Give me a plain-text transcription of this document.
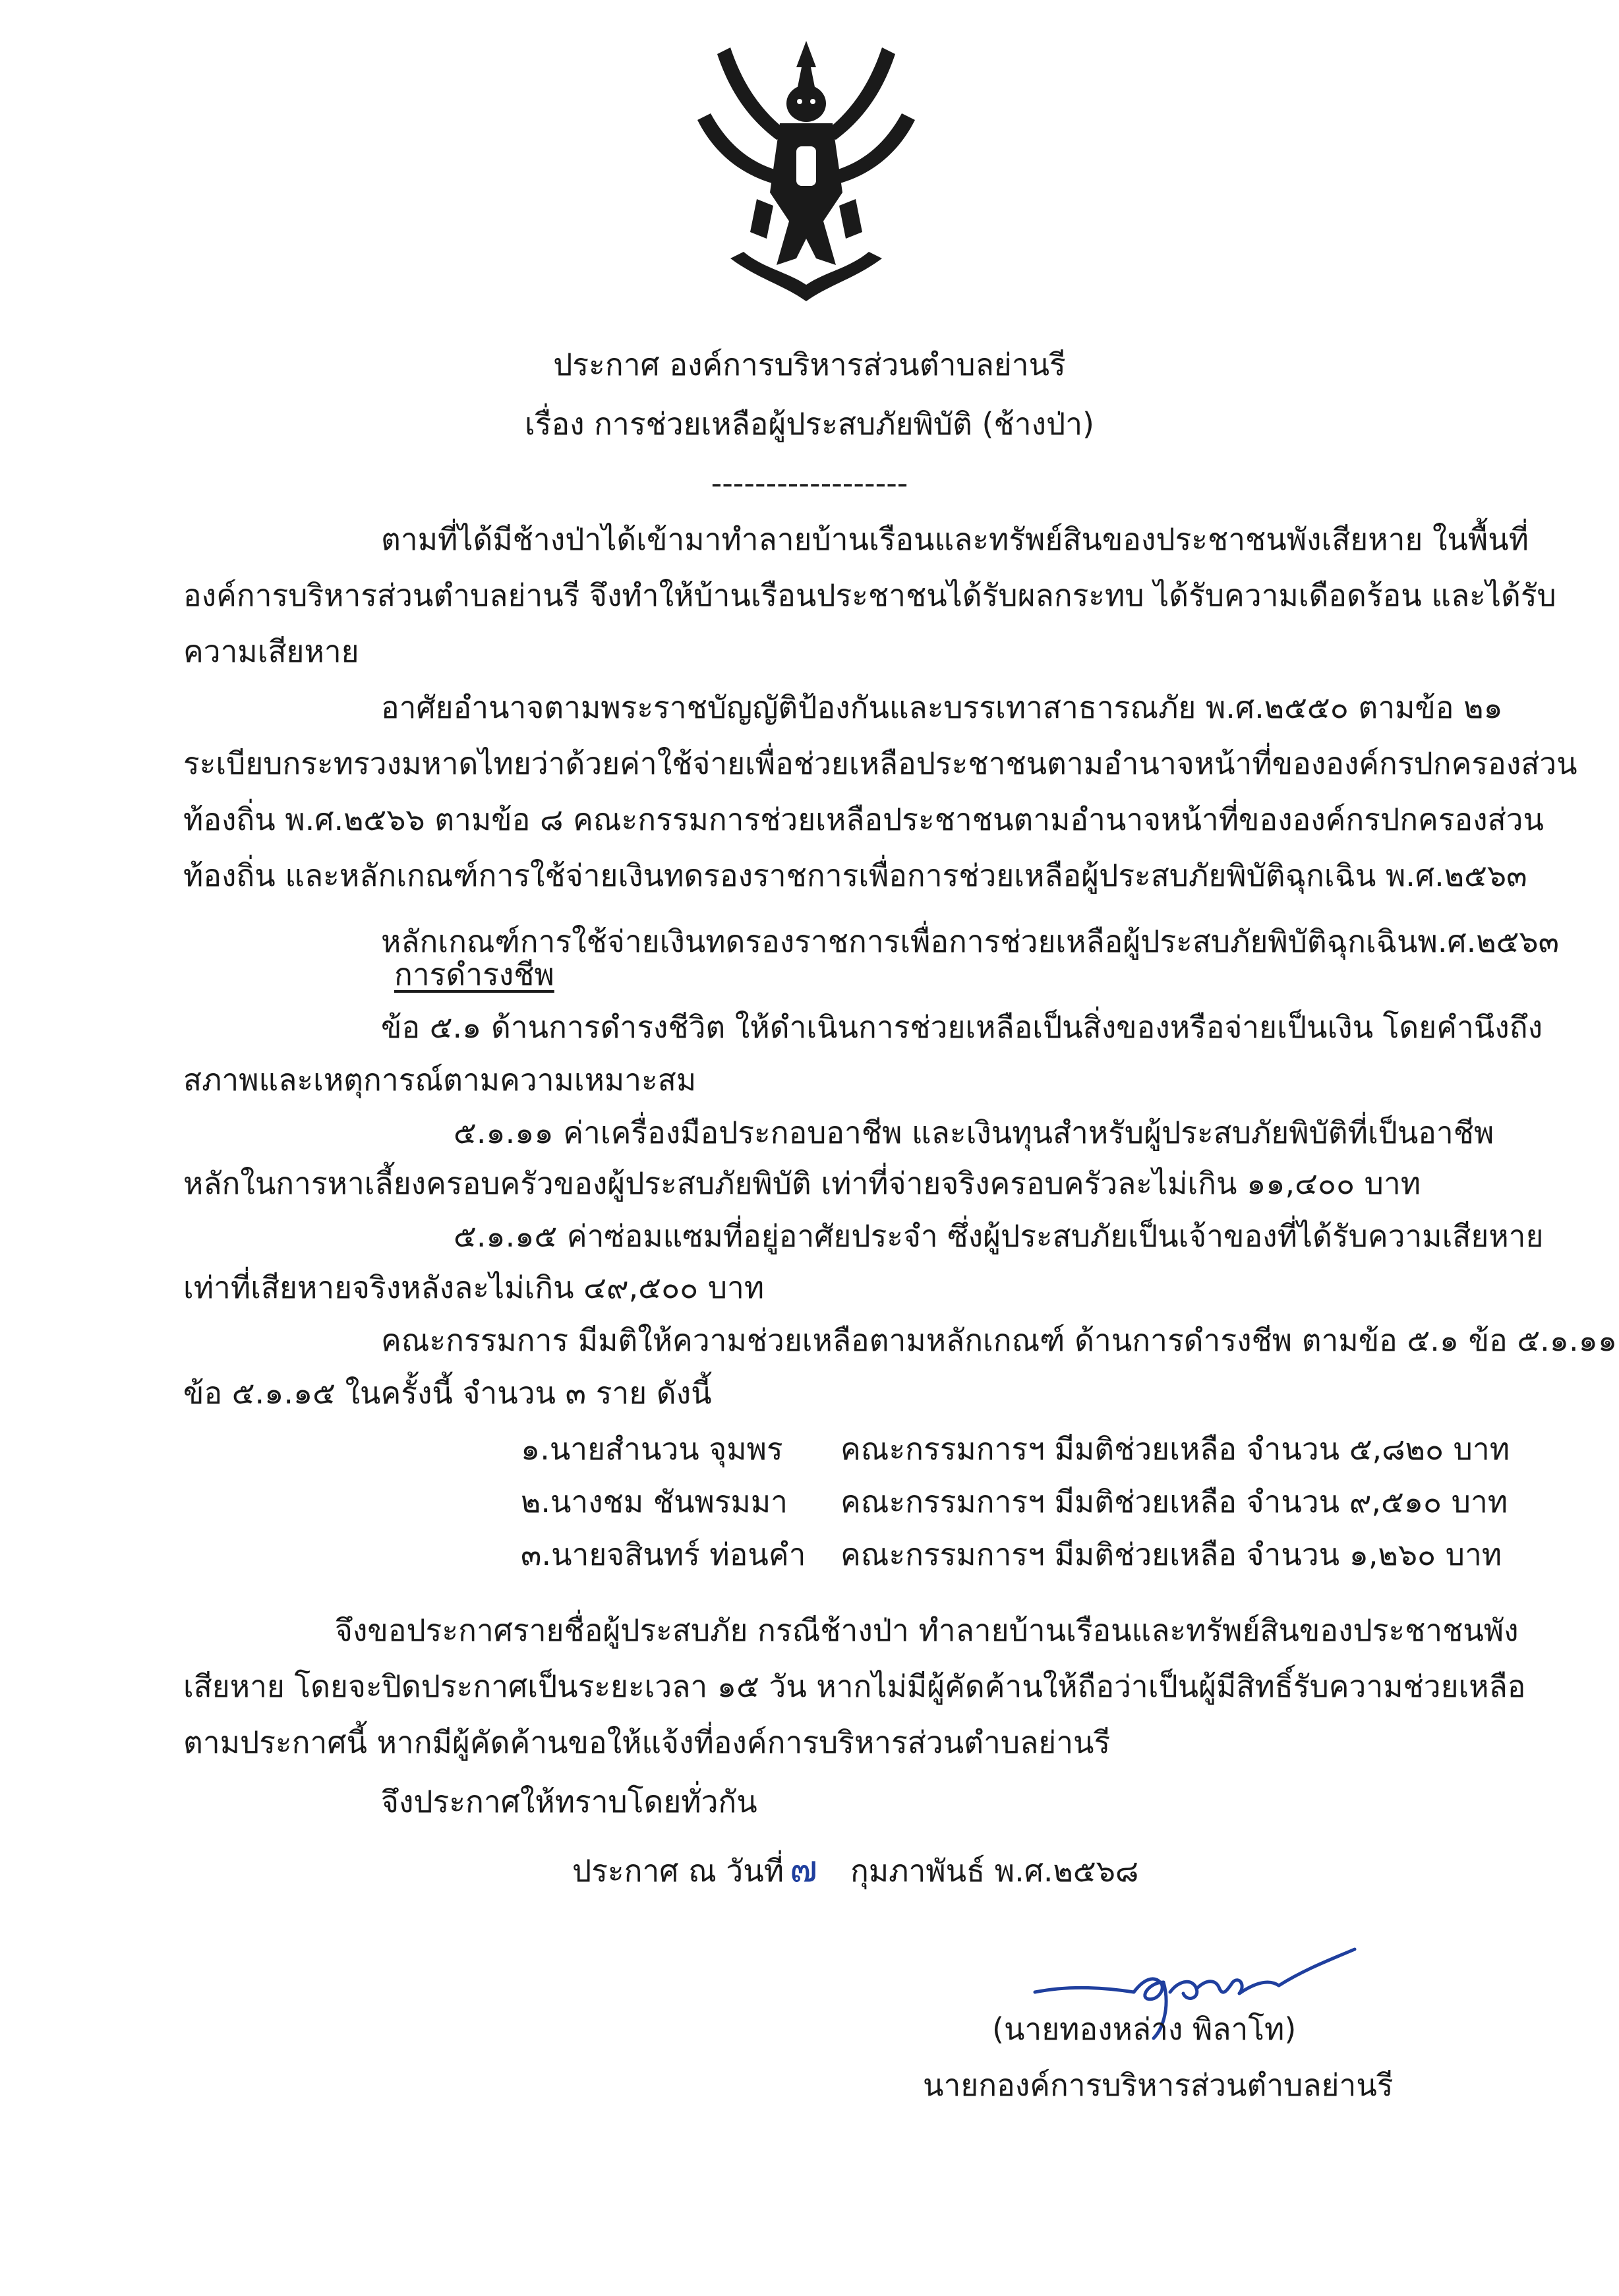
ประกาศ องค์การบริหารส่วนตำบลย่านรี
เรื่อง การช่วยเหลือผู้ประสบภัยพิบัติ (ช้างป่า)
------------------
ตามที่ได้มีช้างป่าได้เข้ามาทำลายบ้านเรือนและทรัพย์สินของประชาชนพังเสียหาย ในพื้นที่
องค์การบริหารส่วนตำบลย่านรี จึงทำให้บ้านเรือนประชาชนได้รับผลกระทบ ได้รับความเดือดร้อน และได้รับ
ความเสียหาย
อาศัยอำนาจตามพระราชบัญญัติป้องกันและบรรเทาสาธารณภัย พ.ศ.๒๕๕๐ ตามข้อ ๒๑
ระเบียบกระทรวงมหาดไทยว่าด้วยค่าใช้จ่ายเพื่อช่วยเหลือประชาชนตามอำนาจหน้าที่ขององค์กรปกครองส่วน
ท้องถิ่น พ.ศ.๒๕๖๖ ตามข้อ ๘ คณะกรรมการช่วยเหลือประชาชนตามอำนาจหน้าที่ขององค์กรปกครองส่วน
ท้องถิ่น และหลักเกณฑ์การใช้จ่ายเงินทดรองราชการเพื่อการช่วยเหลือผู้ประสบภัยพิบัติฉุกเฉิน พ.ศ.๒๕๖๓
หลักเกณฑ์การใช้จ่ายเงินทดรองราชการเพื่อการช่วยเหลือผู้ประสบภัยพิบัติฉุกเฉินพ.ศ.๒๕๖๓
การดำรงชีพ
ข้อ ๕.๑ ด้านการดำรงชีวิต ให้ดำเนินการช่วยเหลือเป็นสิ่งของหรือจ่ายเป็นเงิน โดยคำนึงถึง
สภาพและเหตุการณ์ตามความเหมาะสม
๕.๑.๑๑ ค่าเครื่องมือประกอบอาชีพ และเงินทุนสำหรับผู้ประสบภัยพิบัติที่เป็นอาชีพ
หลักในการหาเลี้ยงครอบครัวของผู้ประสบภัยพิบัติ เท่าที่จ่ายจริงครอบครัวละไม่เกิน ๑๑,๔๐๐ บาท
๕.๑.๑๕ ค่าซ่อมแซมที่อยู่อาศัยประจำ ซึ่งผู้ประสบภัยเป็นเจ้าของที่ได้รับความเสียหาย
เท่าที่เสียหายจริงหลังละไม่เกิน ๔๙,๕๐๐ บาท
คณะกรรมการ มีมติให้ความช่วยเหลือตามหลักเกณฑ์ ด้านการดำรงชีพ ตามข้อ ๕.๑ ข้อ ๕.๑.๑๑
ข้อ ๕.๑.๑๕ ในครั้งนี้ จำนวน ๓ ราย ดังนี้
๑.นายสำนวน จุมพร คณะกรรมการฯ มีมติช่วยเหลือ จำนวน ๕,๘๒๐ บาท
๒.นางชม ชันพรมมา คณะกรรมการฯ มีมติช่วยเหลือ จำนวน ๙,๕๑๐ บาท
๓.นายจสินทร์ ท่อนคำ คณะกรรมการฯ มีมติช่วยเหลือ จำนวน ๑,๒๖๐ บาท
จึงขอประกาศรายชื่อผู้ประสบภัย กรณีช้างป่า ทำลายบ้านเรือนและทรัพย์สินของประชาชนพัง
เสียหาย โดยจะปิดประกาศเป็นระยะเวลา ๑๕ วัน หากไม่มีผู้คัดค้านให้ถือว่าเป็นผู้มีสิทธิ์รับความช่วยเหลือ
ตามประกาศนี้ หากมีผู้คัดค้านขอให้แจ้งที่องค์การบริหารส่วนตำบลย่านรี
จึงประกาศให้ทราบโดยทั่วกัน
ประกาศ ณ วันที่ ๗ กุมภาพันธ์ พ.ศ.๒๕๖๘
(นายทองหล่าง พิลาโท)
นายกองค์การบริหารส่วนตำบลย่านรี
